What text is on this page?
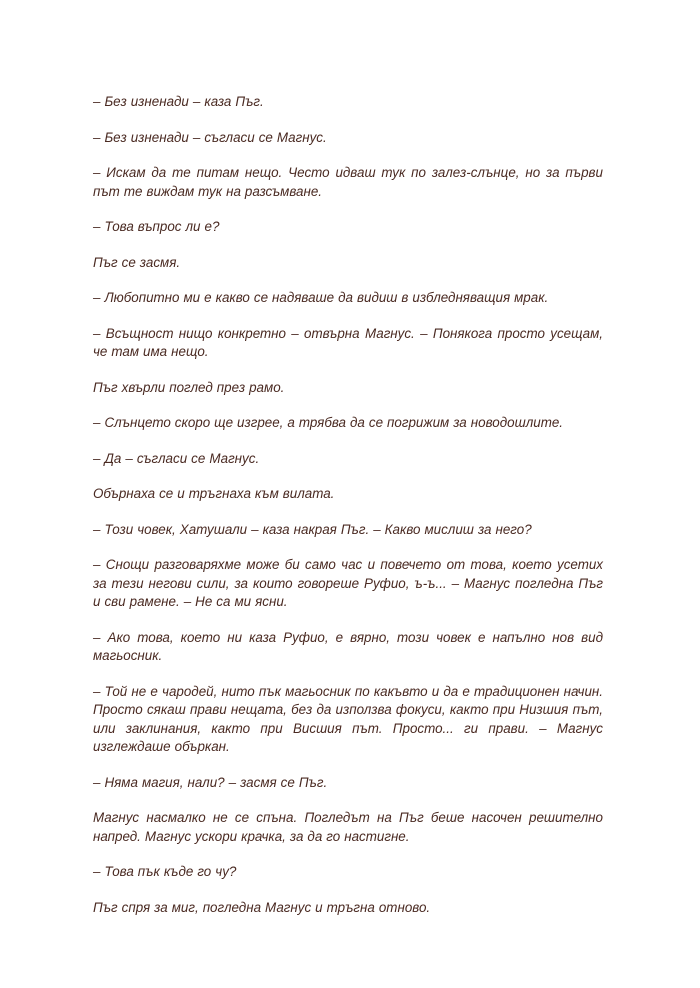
– Без изненади – каза Пъг.

– Без изненади – съгласи се Магнус.

– Искам да те питам нещо. Често идваш тук по залез-слънце, но за първи път те виждам тук на разсъмване.

– Това въпрос ли е?

Пъг се засмя.

– Любопитно ми е какво се надяваше да видиш в избледняващия мрак.

– Всъщност нищо конкретно – отвърна Магнус. – Понякога просто усещам, че там има нещо.

Пъг хвърли поглед през рамо.

– Слънцето скоро ще изгрее, а трябва да се погрижим за новодошлите.

– Да – съгласи се Магнус.

Обърнаха се и тръгнаха към вилата.

– Този човек, Хатушали – каза накрая Пъг. – Какво мислиш за него?

– Снощи разговаряхме може би само час и повечето от това, което усетих за тези негови сили, за които говореше Руфио, ъ-ъ... – Магнус погледна Пъг и сви рамене. – Не са ми ясни.

– Ако това, което ни каза Руфио, е вярно, този човек е напълно нов вид магьосник.

– Той не е чародей, нито пък магьосник по какъвто и да е традиционен начин. Просто сякаш прави нещата, без да използва фокуси, както при Низшия път, или заклинания, както при Висшия път. Просто... ги прави. – Магнус изглеждаше объркан.

– Няма магия, нали? – засмя се Пъг.

Магнус насмалко не се спъна. Погледът на Пъг беше насочен решително напред. Магнус ускори крачка, за да го настигне.

– Това пък къде го чу?

Пъг спря за миг, погледна Магнус и тръгна отново.
